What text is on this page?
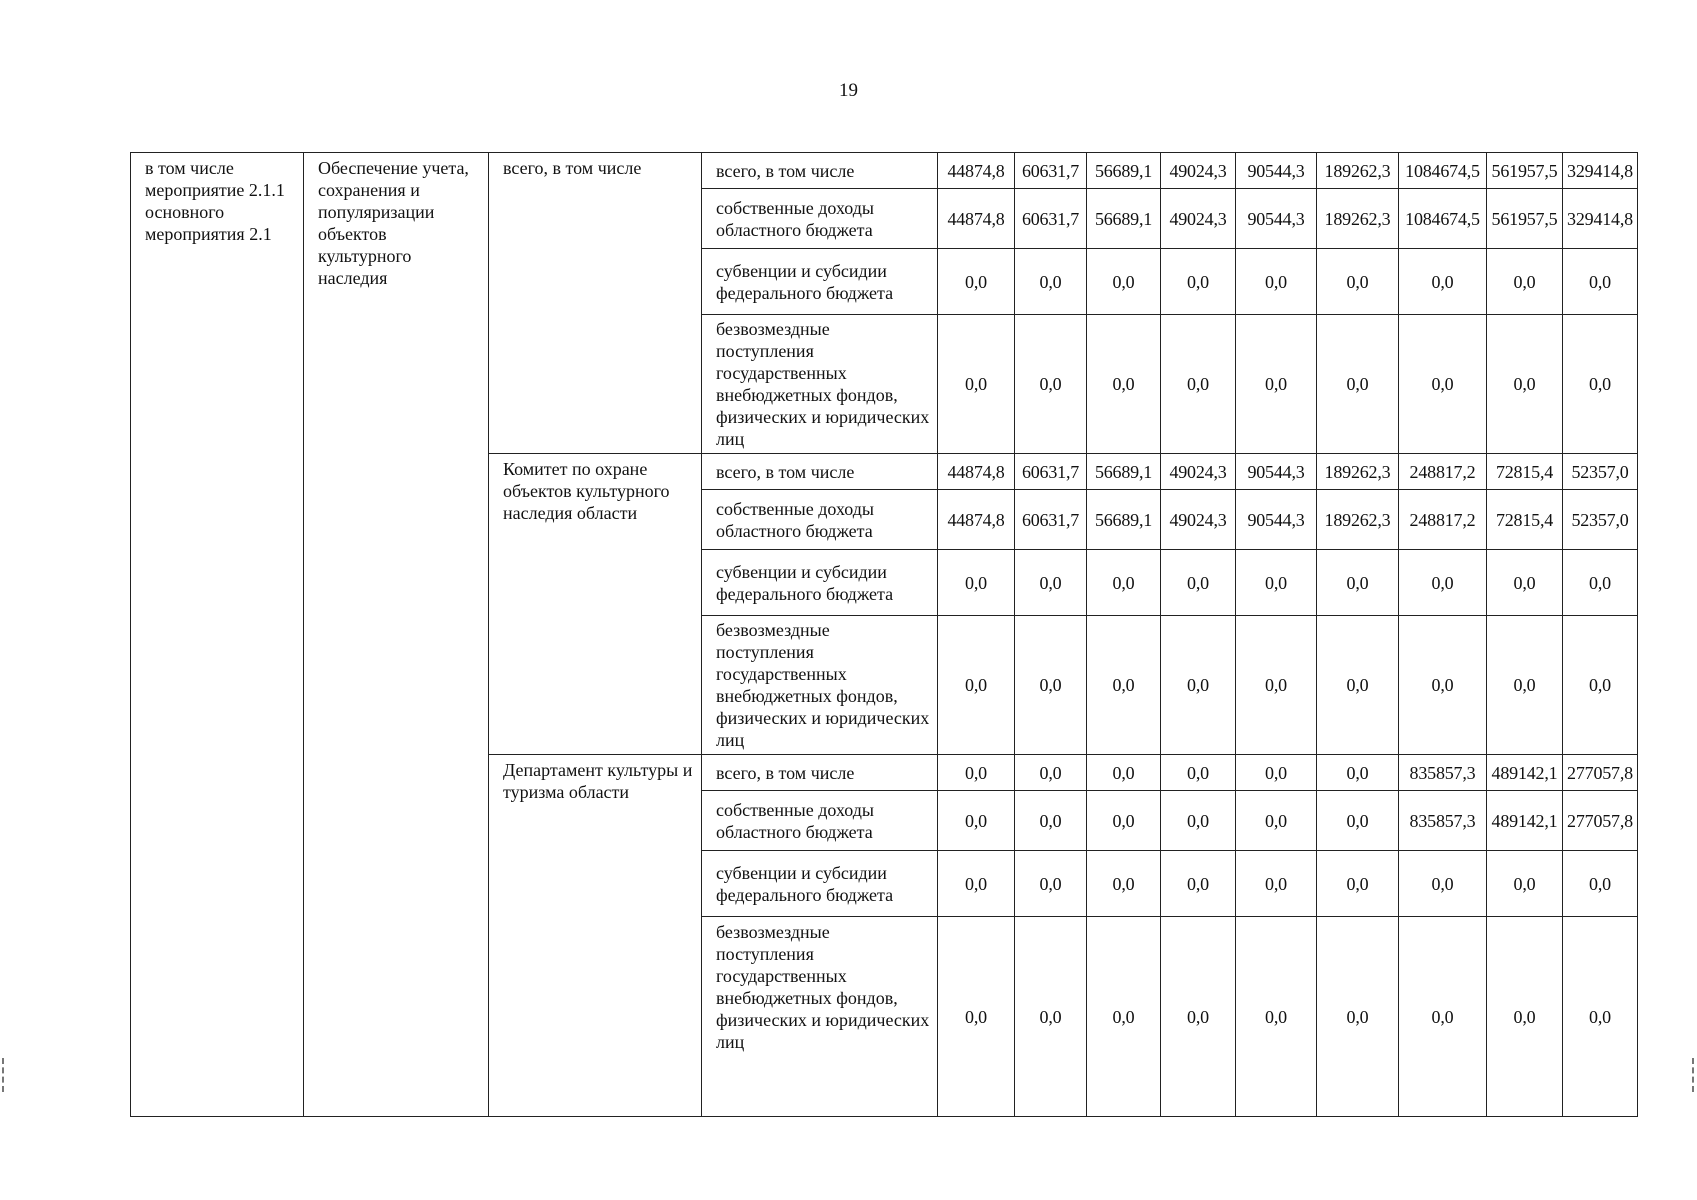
19
в том числе мероприятие 2.1.1 основного мероприятия 2.1	Обеспечение учета, сохранения и популяризации объектов культурного наследия	всего, в том числе	всего, в том числе	44874,8	60631,7	56689,1	49024,3	90544,3	189262,3	1084674,5	561957,5	329414,8
			собственные доходы областного бюджета	44874,8	60631,7	56689,1	49024,3	90544,3	189262,3	1084674,5	561957,5	329414,8
			субвенции и субсидии федерального бюджета	0,0	0,0	0,0	0,0	0,0	0,0	0,0	0,0	0,0
			безвозмездные поступления государственных внебюджетных фондов, физических и юридических лиц	0,0	0,0	0,0	0,0	0,0	0,0	0,0	0,0	0,0
		Комитет по охране объектов культурного наследия области	всего, в том числе	44874,8	60631,7	56689,1	49024,3	90544,3	189262,3	248817,2	72815,4	52357,0
			собственные доходы областного бюджета	44874,8	60631,7	56689,1	49024,3	90544,3	189262,3	248817,2	72815,4	52357,0
			субвенции и субсидии федерального бюджета	0,0	0,0	0,0	0,0	0,0	0,0	0,0	0,0	0,0
			безвозмездные поступления государственных внебюджетных фондов, физических и юридических лиц	0,0	0,0	0,0	0,0	0,0	0,0	0,0	0,0	0,0
		Департамент культуры и туризма области	всего, в том числе	0,0	0,0	0,0	0,0	0,0	0,0	835857,3	489142,1	277057,8
			собственные доходы областного бюджета	0,0	0,0	0,0	0,0	0,0	0,0	835857,3	489142,1	277057,8
			субвенции и субсидии федерального бюджета	0,0	0,0	0,0	0,0	0,0	0,0	0,0	0,0	0,0
			безвозмездные поступления государственных внебюджетных фондов, физических и юридических лиц	0,0	0,0	0,0	0,0	0,0	0,0	0,0	0,0	0,0
